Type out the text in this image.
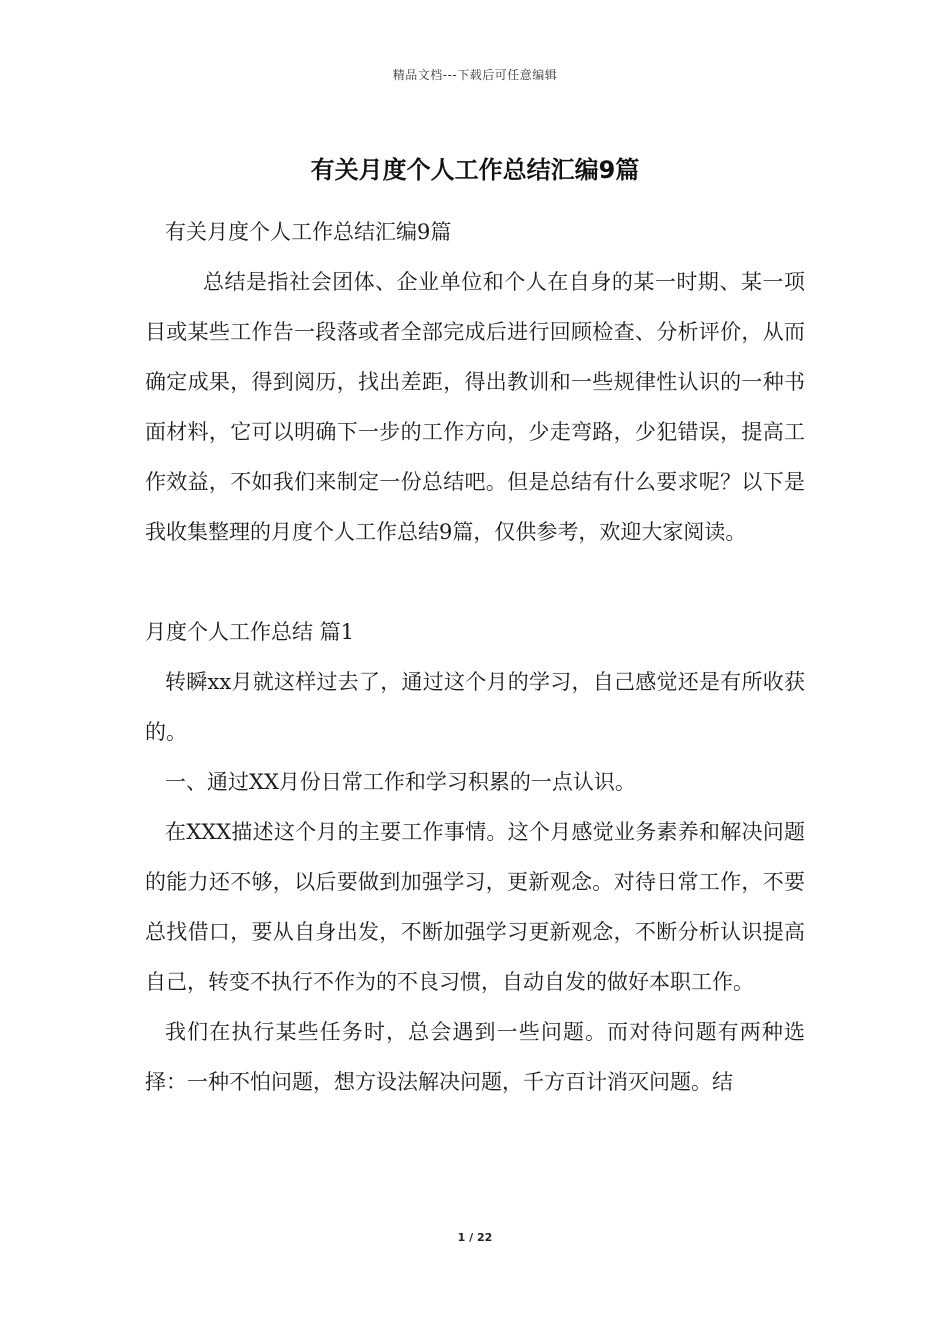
精品文档---下载后可任意编辑
有关月度个人工作总结汇编9篇

有关月度个人工作总结汇编9篇

总结是指社会团体、企业单位和个人在自身的某一时期、某一项目或某些工作告一段落或者全部完成后进行回顾检查、分析评价，从而确定成果，得到阅历，找出差距，得出教训和一些规律性认识的一种书面材料，它可以明确下一步的工作方向，少走弯路，少犯错误，提高工作效益，不如我们来制定一份总结吧。但是总结有什么要求呢？以下是我收集整理的月度个人工作总结9篇，仅供参考，欢迎大家阅读。

月度个人工作总结 篇1

转瞬xx月就这样过去了，通过这个月的学习，自己感觉还是有所收获的。

一、通过XX月份日常工作和学习积累的一点认识。

在XXX描述这个月的主要工作事情。这个月感觉业务素养和解决问题的能力还不够，以后要做到加强学习，更新观念。对待日常工作，不要总找借口，要从自身出发，不断加强学习更新观念，不断分析认识提高自己，转变不执行不作为的不良习惯，自动自发的做好本职工作。

我们在执行某些任务时，总会遇到一些问题。而对待问题有两种选择：一种不怕问题，想方设法解决问题，千方百计消灭问题。结

1 / 22
